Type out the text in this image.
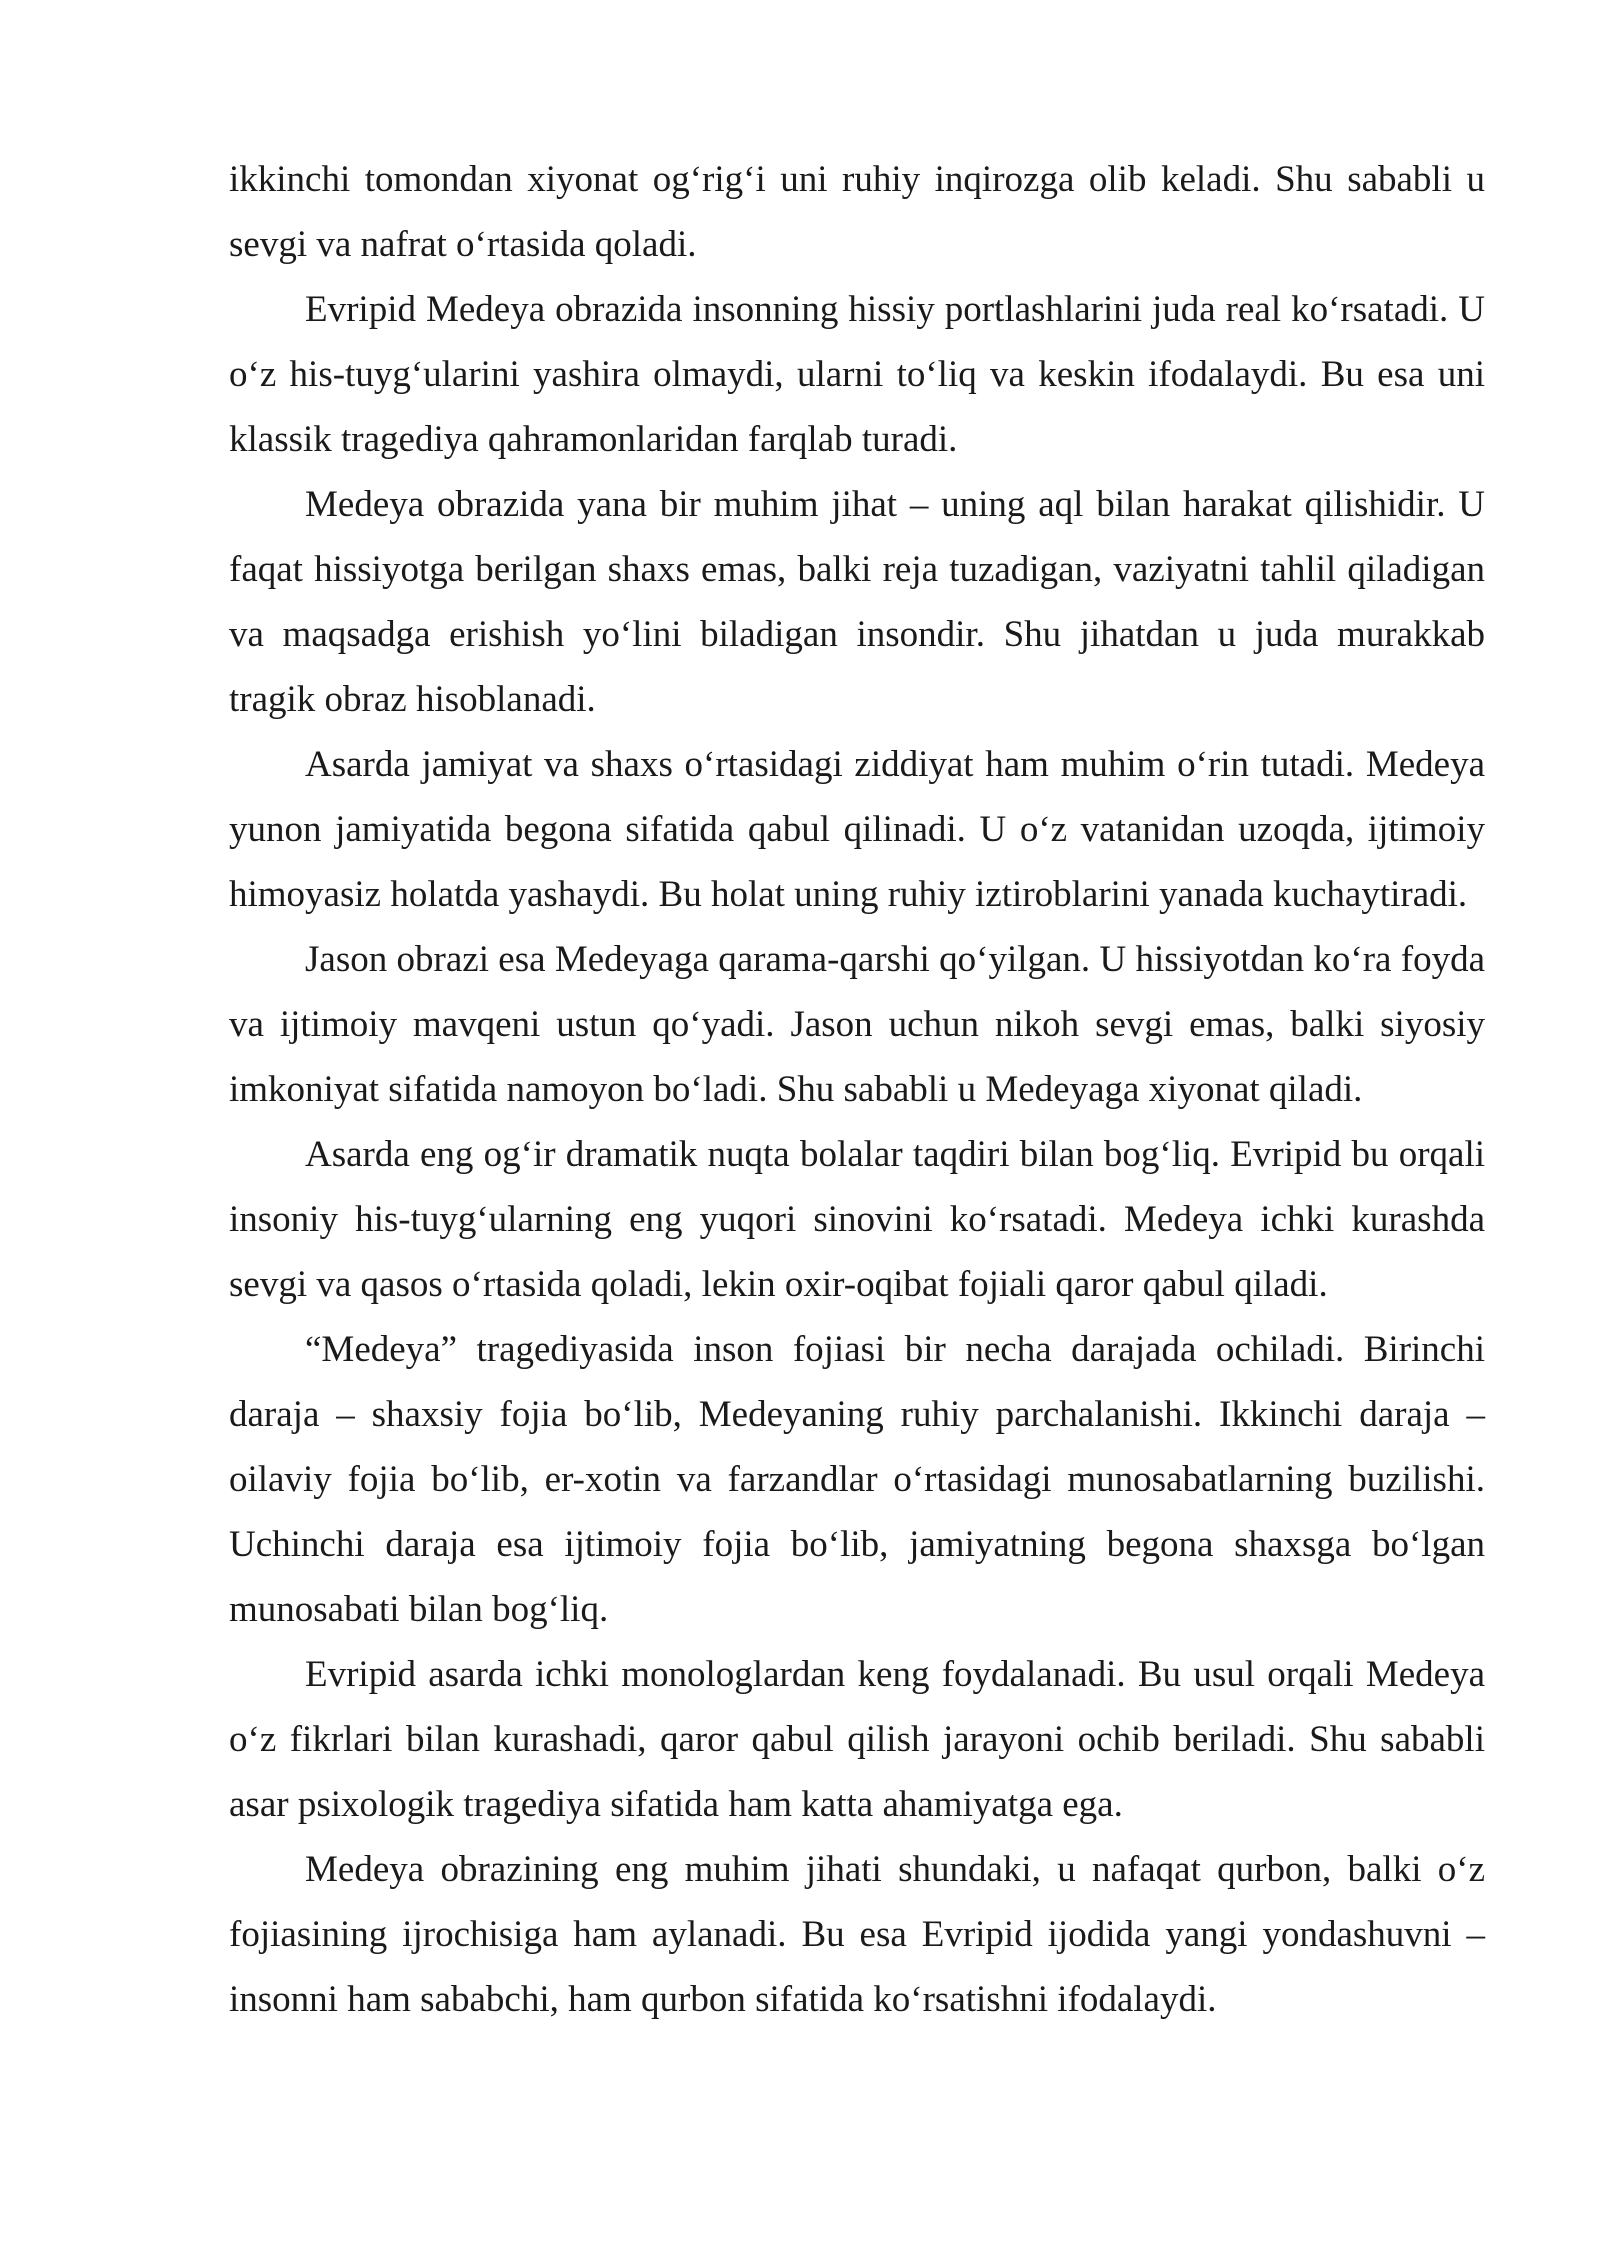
ikkinchi tomondan xiyonat og‘rig‘i uni ruhiy inqirozga olib keladi. Shu sababli u sevgi va nafrat o‘rtasida qoladi.

Evripid Medeya obrazida insonning hissiy portlashlarini juda real ko‘rsatadi. U o‘z his-tuyg‘ularini yashira olmaydi, ularni to‘liq va keskin ifodalaydi. Bu esa uni klassik tragediya qahramonlaridan farqlab turadi.

Medeya obrazida yana bir muhim jihat – uning aql bilan harakat qilishidir. U faqat hissiyotga berilgan shaxs emas, balki reja tuzadigan, vaziyatni tahlil qiladigan va maqsadga erishish yo‘lini biladigan insondir. Shu jihatdan u juda murakkab tragik obraz hisoblanadi.

Asarda jamiyat va shaxs o‘rtasidagi ziddiyat ham muhim o‘rin tutadi. Medeya yunon jamiyatida begona sifatida qabul qilinadi. U o‘z vatanidan uzoqda, ijtimoiy himoyasiz holatda yashaydi. Bu holat uning ruhiy iztiroblarini yanada kuchaytiradi.

Jason obrazi esa Medeyaga qarama-qarshi qo‘yilgan. U hissiyotdan ko‘ra foyda va ijtimoiy mavqeni ustun qo‘yadi. Jason uchun nikoh sevgi emas, balki siyosiy imkoniyat sifatida namoyon bo‘ladi. Shu sababli u Medeyaga xiyonat qiladi.

Asarda eng og‘ir dramatik nuqta bolalar taqdiri bilan bog‘liq. Evripid bu orqali insoniy his-tuyg‘ularning eng yuqori sinovini ko‘rsatadi. Medeya ichki kurashda sevgi va qasos o‘rtasida qoladi, lekin oxir-oqibat fojiali qaror qabul qiladi.

“Medeya” tragediyasida inson fojiasi bir necha darajada ochiladi. Birinchi daraja – shaxsiy fojia bo‘lib, Medeyaning ruhiy parchalanishi. Ikkinchi daraja – oilaviy fojia bo‘lib, er-xotin va farzandlar o‘rtasidagi munosabatlarning buzilishi. Uchinchi daraja esa ijtimoiy fojia bo‘lib, jamiyatning begona shaxsga bo‘lgan munosabati bilan bog‘liq.

Evripid asarda ichki monologlardan keng foydalanadi. Bu usul orqali Medeya o‘z fikrlari bilan kurashadi, qaror qabul qilish jarayoni ochib beriladi. Shu sababli asar psixologik tragediya sifatida ham katta ahamiyatga ega.

Medeya obrazining eng muhim jihati shundaki, u nafaqat qurbon, balki o‘z fojiasining ijrochisiga ham aylanadi. Bu esa Evripid ijodida yangi yondashuvni – insonni ham sababchi, ham qurbon sifatida ko‘rsatishni ifodalaydi.
